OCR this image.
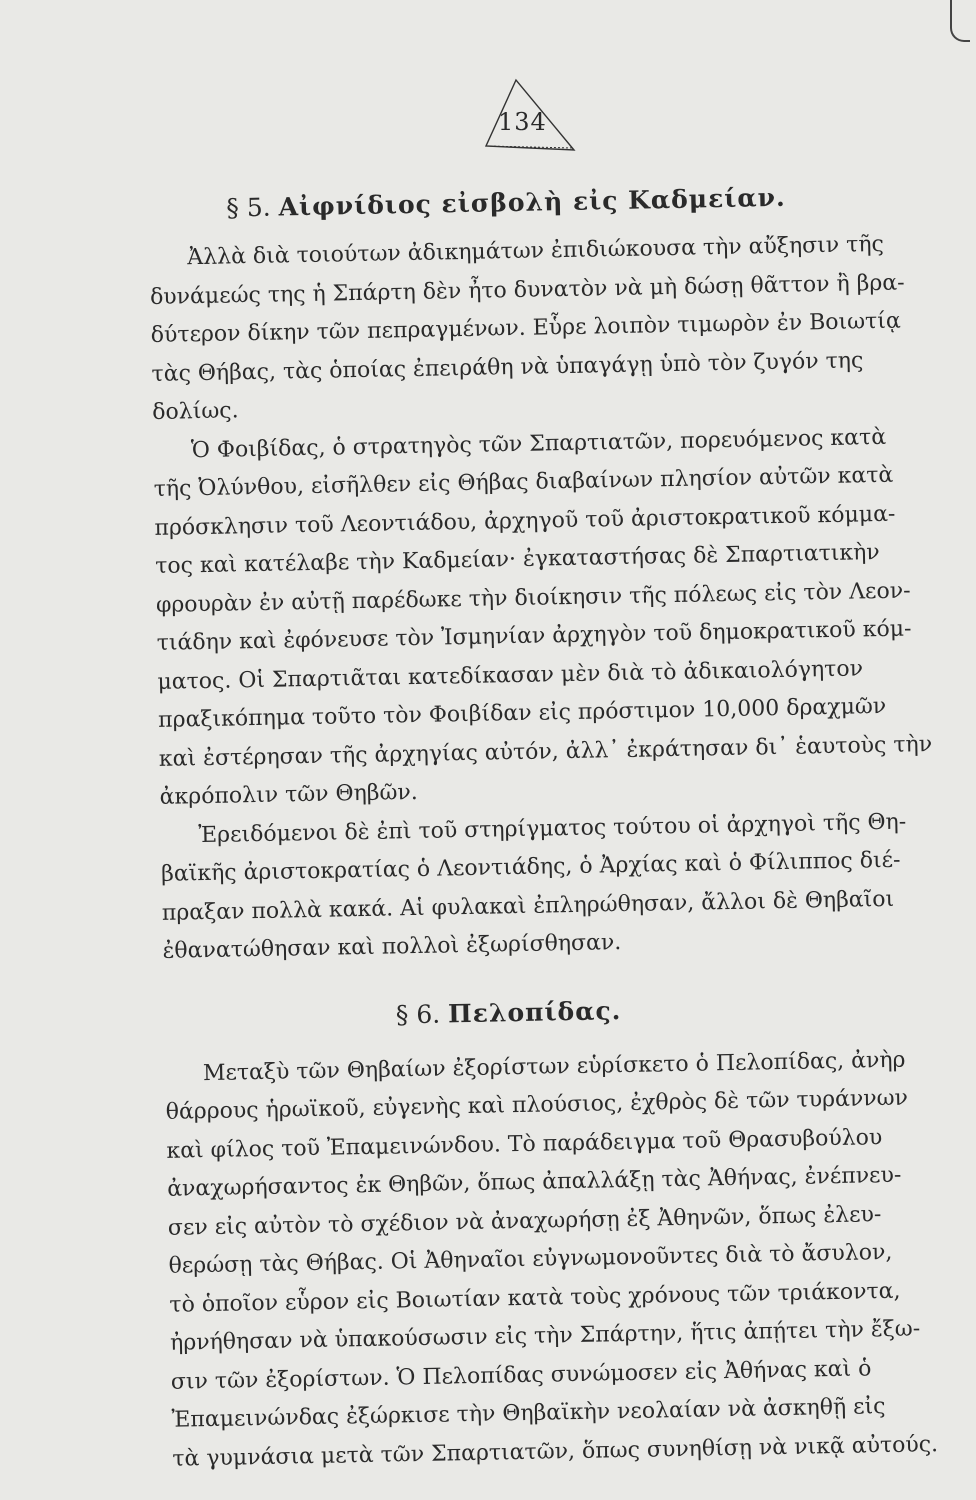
134
§ 5. Αἰφνίδιος εἰσβολὴ εἰς Καδμείαν.

Ἀλλὰ διὰ τοιούτων ἀδικημάτων ἐπιδιώκουσα τὴν αὔξησιν τῆς
δυνάμεώς της ἡ Σπάρτη δὲν ἦτο δυνατὸν νὰ μὴ δώσῃ θᾶττον ἢ βρα-
δύτερον δίκην τῶν πεπραγμένων. Εὗρε λοιπὸν τιμωρὸν ἐν Βοιωτίᾳ
τὰς Θήβας, τὰς ὁποίας ἐπειράθη νὰ ὑπαγάγῃ ὑπὸ τὸν ζυγόν της
δολίως.

Ὁ Φοιβίδας, ὁ στρατηγὸς τῶν Σπαρτιατῶν, πορευόμενος κατὰ
τῆς Ὀλύνθου, εἰσῆλθεν εἰς Θήβας διαβαίνων πλησίον αὐτῶν κατὰ
πρόσκλησιν τοῦ Λεοντιάδου, ἀρχηγοῦ τοῦ ἀριστοκρατικοῦ κόμμα-
τος καὶ κατέλαβε τὴν Καδμείαν· ἐγκαταστήσας δὲ Σπαρτιατικὴν
φρουρὰν ἐν αὐτῇ παρέδωκε τὴν διοίκησιν τῆς πόλεως εἰς τὸν Λεον-
τιάδην καὶ ἐφόνευσε τὸν Ἰσμηνίαν ἀρχηγὸν τοῦ δημοκρατικοῦ κόμ-
ματος. Οἱ Σπαρτιᾶται κατεδίκασαν μὲν διὰ τὸ ἀδικαιολόγητον
πραξικόπημα τοῦτο τὸν Φοιβίδαν εἰς πρόστιμον 10,000 δραχμῶν
καὶ ἐστέρησαν τῆς ἀρχηγίας αὐτόν, ἀλλ᾽ ἐκράτησαν δι᾽ ἑαυτοὺς τὴν
ἀκρόπολιν τῶν Θηβῶν.

Ἐρειδόμενοι δὲ ἐπὶ τοῦ στηρίγματος τούτου οἱ ἀρχηγοὶ τῆς Θη-
βαϊκῆς ἀριστοκρατίας ὁ Λεοντιάδης, ὁ Ἀρχίας καὶ ὁ Φίλιππος διέ-
πραξαν πολλὰ κακά. Αἱ φυλακαὶ ἐπληρώθησαν, ἄλλοι δὲ Θηβαῖοι
ἐθανατώθησαν καὶ πολλοὶ ἐξωρίσθησαν.

§ 6. Πελοπίδας.

Μεταξὺ τῶν Θηβαίων ἐξορίστων εὑρίσκετο ὁ Πελοπίδας, ἀνὴρ
θάρρους ἡρωϊκοῦ, εὐγενὴς καὶ πλούσιος, ἐχθρὸς δὲ τῶν τυράννων
καὶ φίλος τοῦ Ἐπαμεινώνδου. Τὸ παράδειγμα τοῦ Θρασυβούλου
ἀναχωρήσαντος ἐκ Θηβῶν, ὅπως ἀπαλλάξῃ τὰς Ἀθήνας, ἐνέπνευ-
σεν εἰς αὐτὸν τὸ σχέδιον νὰ ἀναχωρήσῃ ἐξ Ἀθηνῶν, ὅπως ἐλευ-
θερώσῃ τὰς Θήβας. Οἱ Ἀθηναῖοι εὐγνωμονοῦντες διὰ τὸ ἄσυλον,
τὸ ὁποῖον εὗρον εἰς Βοιωτίαν κατὰ τοὺς χρόνους τῶν τριάκοντα,
ἠρνήθησαν νὰ ὑπακούσωσιν εἰς τὴν Σπάρτην, ἥτις ἀπῄτει τὴν ἔξω-
σιν τῶν ἐξορίστων. Ὁ Πελοπίδας συνώμοσεν εἰς Ἀθήνας καὶ ὁ
Ἐπαμεινώνδας ἐξώρκισε τὴν Θηβαϊκὴν νεολαίαν νὰ ἀσκηθῇ εἰς
τὰ γυμνάσια μετὰ τῶν Σπαρτιατῶν, ὅπως συνηθίσῃ νὰ νικᾷ αὐτούς.
